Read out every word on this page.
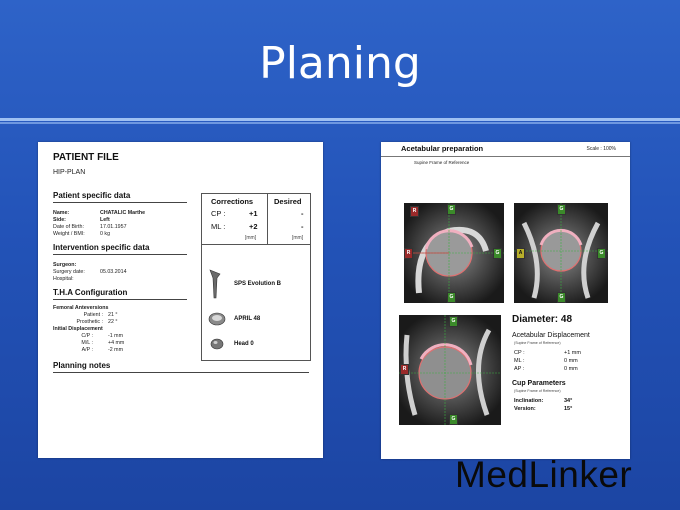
Planing
PATIENT FILE
HIP-PLAN
Patient specific data
Name:	CHATALIC Marthe
Side:	Left
Date of Birth:	17.01.1957
Weight / BMI:	0 kg
Intervention specific data
Surgeon:
Surgery date:	05.03.2014
Hospital:
T.H.A Configuration
Femoral Anteversions
Patient : 21 °
Prosthetic : 22 °
Initial Displacement
C/P :	-1 mm
M/L :	+4 mm
A/P :	-2 mm
Planning notes
Corrections	Desired
CP :	+1	-
ML :	+2	-
[mm]	[mm]
SPS Evolution B
APRIL 48
Head 0
Acetabular preparation	Scale : 100%
Supine Frame of Reference
G
G
R
G
R	G
A	G
G
G
R
G
Diameter: 48
Acetabular Displacement
(Supine Frame of Reference)
CP :	+1 mm
ML :	0 mm
AP :	0 mm
Cup Parameters
(Supine Frame of Reference)
Inclination:	34°
Version:	15°
MedLinker
